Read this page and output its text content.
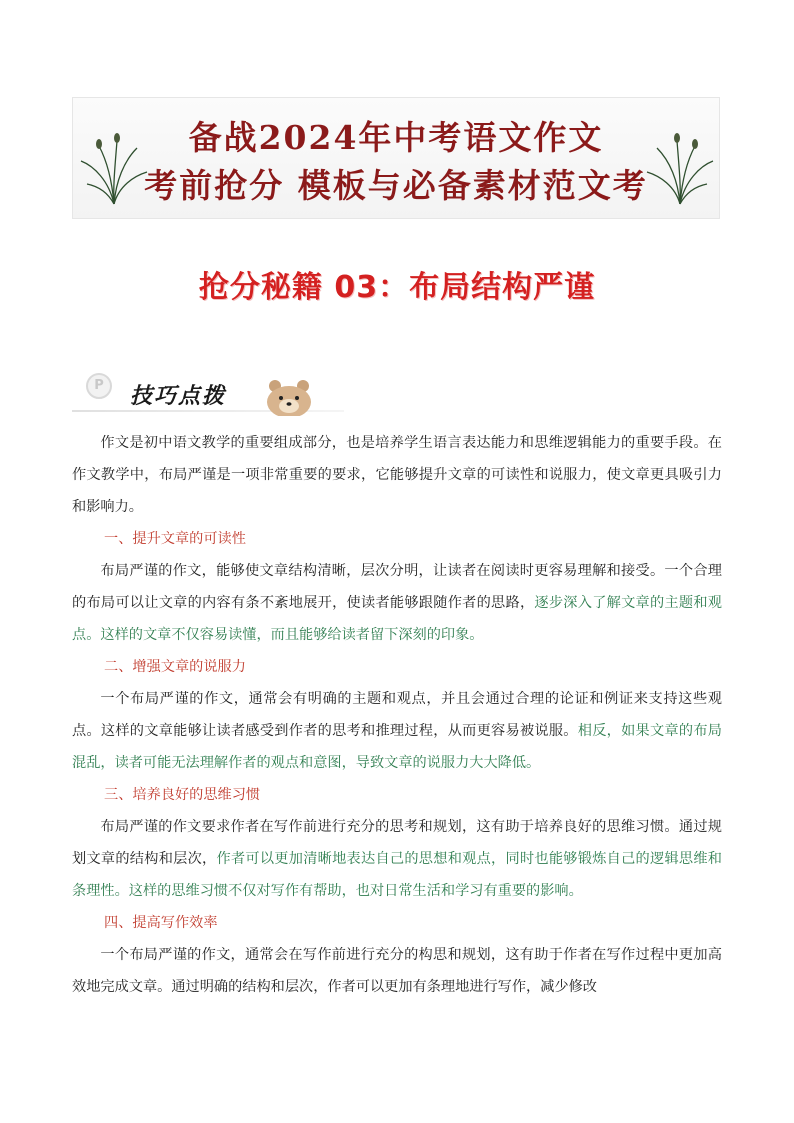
备战2024年中考语文作文
考前抢分 模板与必备素材范文考
抢分秘籍 03：布局结构严谨
P	技巧点拨

作文是初中语文教学的重要组成部分，也是培养学生语言表达能力和思维逻辑能力的重要手段。在作文教学中，布局严谨是一项非常重要的要求，它能够提升文章的可读性和说服力，使文章更具吸引力和影响力。

一、提升文章的可读性

布局严谨的作文，能够使文章结构清晰，层次分明，让读者在阅读时更容易理解和接受。一个合理的布局可以让文章的内容有条不紊地展开，使读者能够跟随作者的思路，逐步深入了解文章的主题和观点。这样的文章不仅容易读懂，而且能够给读者留下深刻的印象。

二、增强文章的说服力

一个布局严谨的作文，通常会有明确的主题和观点，并且会通过合理的论证和例证来支持这些观点。这样的文章能够让读者感受到作者的思考和推理过程，从而更容易被说服。相反，如果文章的布局混乱，读者可能无法理解作者的观点和意图，导致文章的说服力大大降低。

三、培养良好的思维习惯

布局严谨的作文要求作者在写作前进行充分的思考和规划，这有助于培养良好的思维习惯。通过规划文章的结构和层次，作者可以更加清晰地表达自己的思想和观点，同时也能够锻炼自己的逻辑思维和条理性。这样的思维习惯不仅对写作有帮助，也对日常生活和学习有重要的影响。

四、提高写作效率

一个布局严谨的作文，通常会在写作前进行充分的构思和规划，这有助于作者在写作过程中更加高效地完成文章。通过明确的结构和层次，作者可以更加有条理地进行写作，减少修改
